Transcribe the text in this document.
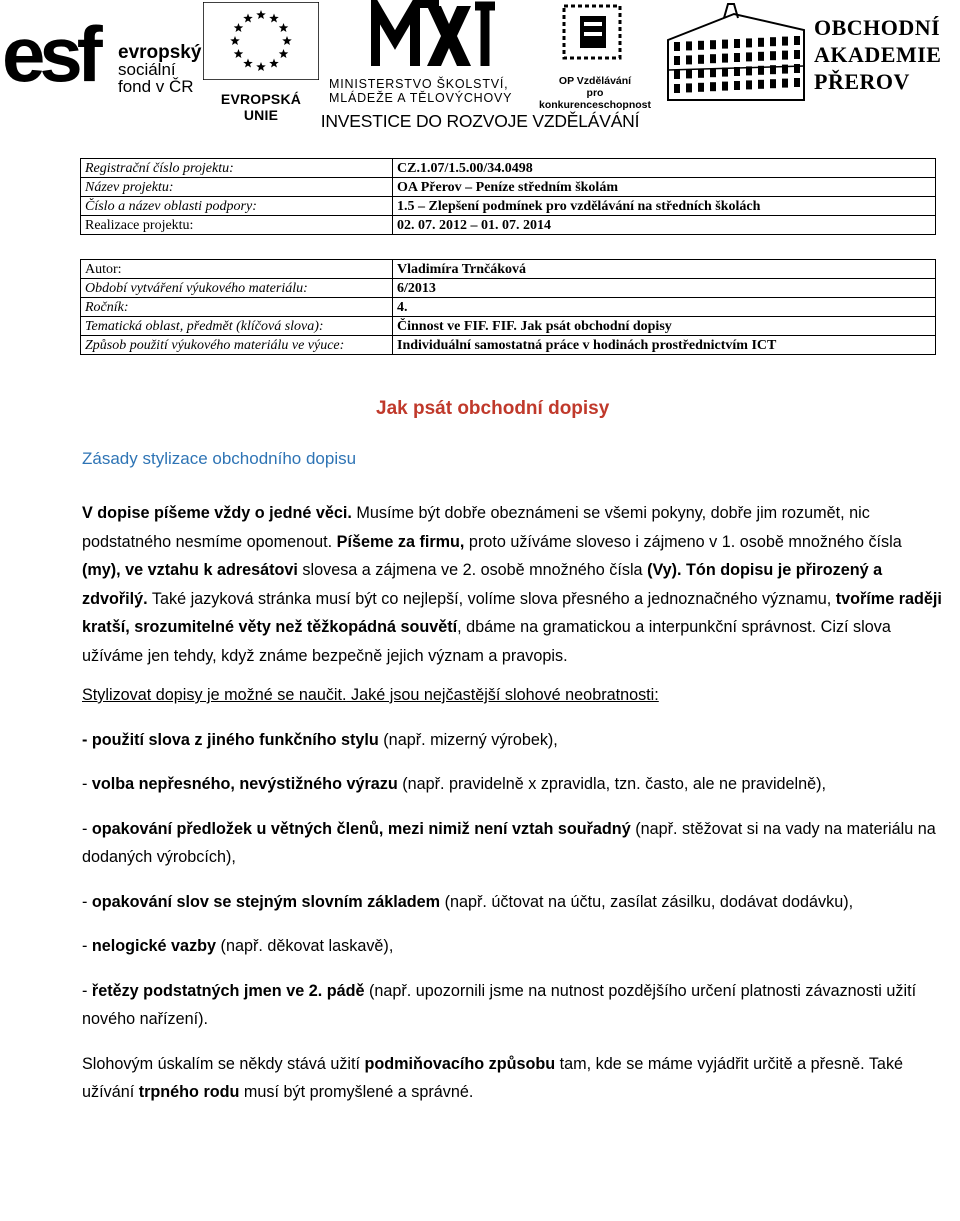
esf evropský
sociální
fond v ČR
EVROPSKÁ UNIE
MINISTERSTVO ŠKOLSTVÍ,
MLÁDEŽE A TĚLOVÝCHOVY
OP Vzdělávání
pro konkurenceschopnost
OBCHODNÍ
AKADEMIE
PŘEROV
INVESTICE DO ROZVOJE VZDĚLÁVÁNÍ
Registrační číslo projektu:	CZ.1.07/1.5.00/34.0498
Název projektu:	OA Přerov – Peníze středním školám
Číslo a název oblasti podpory:	1.5 – Zlepšení podmínek pro vzdělávání na středních školách
Realizace projektu:	02. 07. 2012 – 01. 07. 2014
Autor:	Vladimíra Trnčáková
Období vytváření výukového materiálu:	6/2013
Ročník:	4.
Tematická oblast, předmět (klíčová slova):	Činnost ve FIF. FIF. Jak psát obchodní dopisy
Způsob použití výukového materiálu ve výuce:	Individuální samostatná práce v hodinách prostřednictvím ICT
Jak psát obchodní dopisy
Zásady stylizace obchodního dopisu

V dopise píšeme vždy o jedné věci. Musíme být dobře obeznámeni se všemi pokyny, dobře jim rozumět, nic podstatného nesmíme opomenout. Píšeme za firmu, proto užíváme sloveso i zájmeno v 1. osobě množného čísla (my), ve vztahu k adresátovi slovesa a zájmena ve 2. osobě množného čísla (Vy). Tón dopisu je přirozený a zdvořilý. Také jazyková stránka musí být co nejlepší, volíme slova přesného a jednoznačného významu, tvoříme raději kratší, srozumitelné věty než těžkopádná souvětí, dbáme na gramatickou a interpunkční správnost. Cizí slova užíváme jen tehdy, když známe bezpečně jejich význam a pravopis.

Stylizovat dopisy je možné se naučit. Jaké jsou nejčastější slohové neobratnosti:

- použití slova z jiného funkčního stylu (např. mizerný výrobek),

- volba nepřesného, nevýstižného výrazu (např. pravidelně x zpravidla, tzn. často, ale ne pravidelně),

- opakování předložek u větných členů, mezi nimiž není vztah souřadný (např. stěžovat si na vady na materiálu na dodaných výrobcích),

- opakování slov se stejným slovním základem (např. účtovat na účtu, zasílat zásilku, dodávat dodávku),

- nelogické vazby (např. děkovat laskavě),

- řetězy podstatných jmen ve 2. pádě (např. upozornili jsme na nutnost pozdějšího určení platnosti závaznosti užití nového nařízení).

Slohovým úskalím se někdy stává užití podmiňovacího způsobu tam, kde se máme vyjádřit určitě a přesně. Také užívání trpného rodu musí být promyšlené a správné.
